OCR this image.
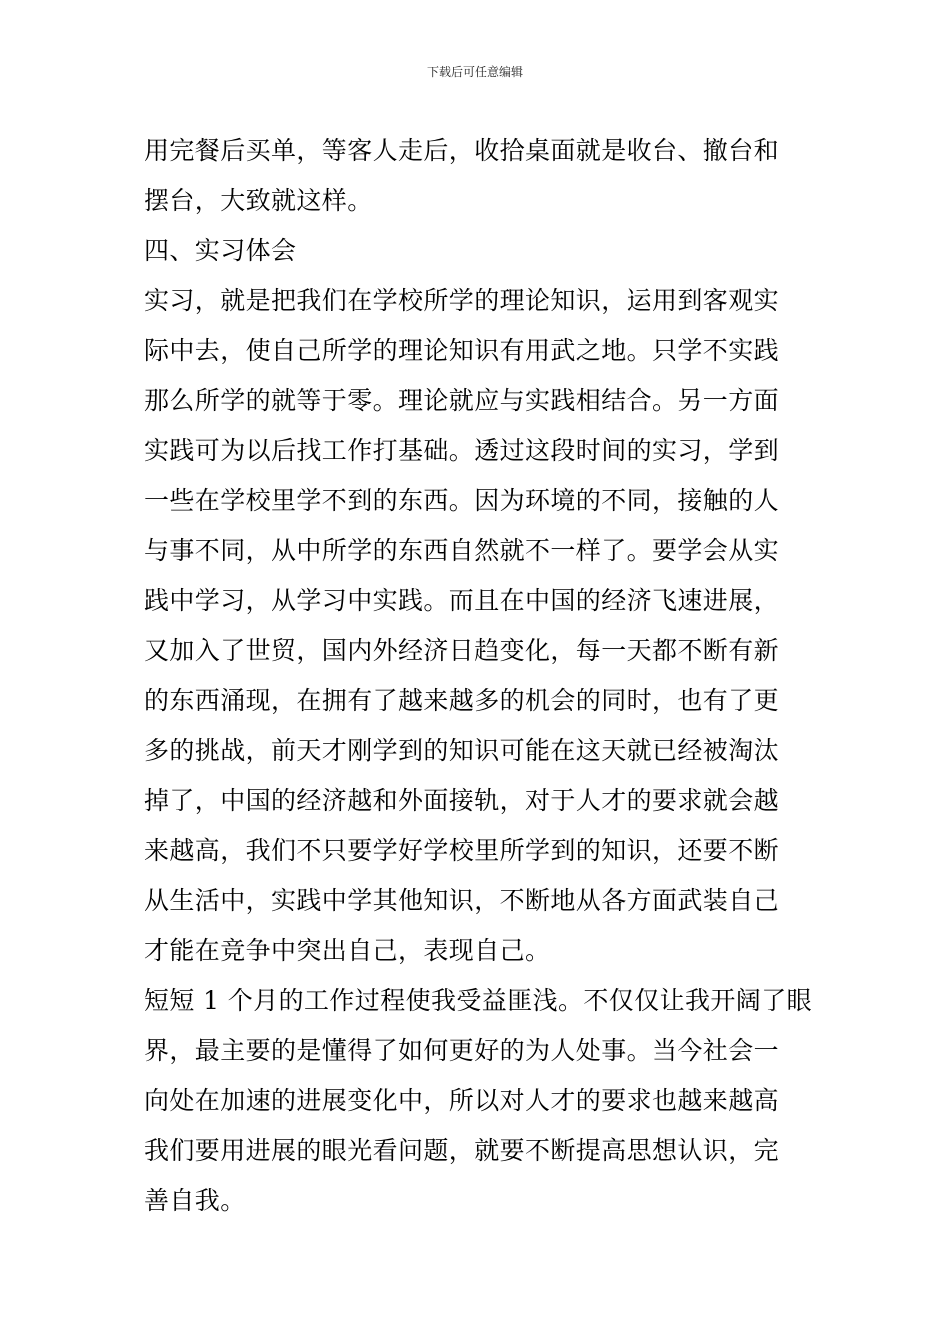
下载后可任意编辑
用完餐后买单，等客人走后，收拾桌面就是收台、撤台和
摆台，大致就这样。
四、实习体会
实习，就是把我们在学校所学的理论知识，运用到客观实
际中去，使自己所学的理论知识有用武之地。只学不实践
那么所学的就等于零。理论就应与实践相结合。另一方面
实践可为以后找工作打基础。透过这段时间的实习，学到
一些在学校里学不到的东西。因为环境的不同，接触的人
与事不同，从中所学的东西自然就不一样了。要学会从实
践中学习，从学习中实践。而且在中国的经济飞速进展，
又加入了世贸，国内外经济日趋变化，每一天都不断有新
的东西涌现，在拥有了越来越多的机会的同时，也有了更
多的挑战，前天才刚学到的知识可能在这天就已经被淘汰
掉了，中国的经济越和外面接轨，对于人才的要求就会越
来越高，我们不只要学好学校里所学到的知识，还要不断
从生活中，实践中学其他知识，不断地从各方面武装自己
才能在竞争中突出自己，表现自己。
短短 1 个月的工作过程使我受益匪浅。不仅仅让我开阔了眼
界，最主要的是懂得了如何更好的为人处事。当今社会一
向处在加速的进展变化中，所以对人才的要求也越来越高
我们要用进展的眼光看问题，就要不断提高思想认识，完
善自我。
